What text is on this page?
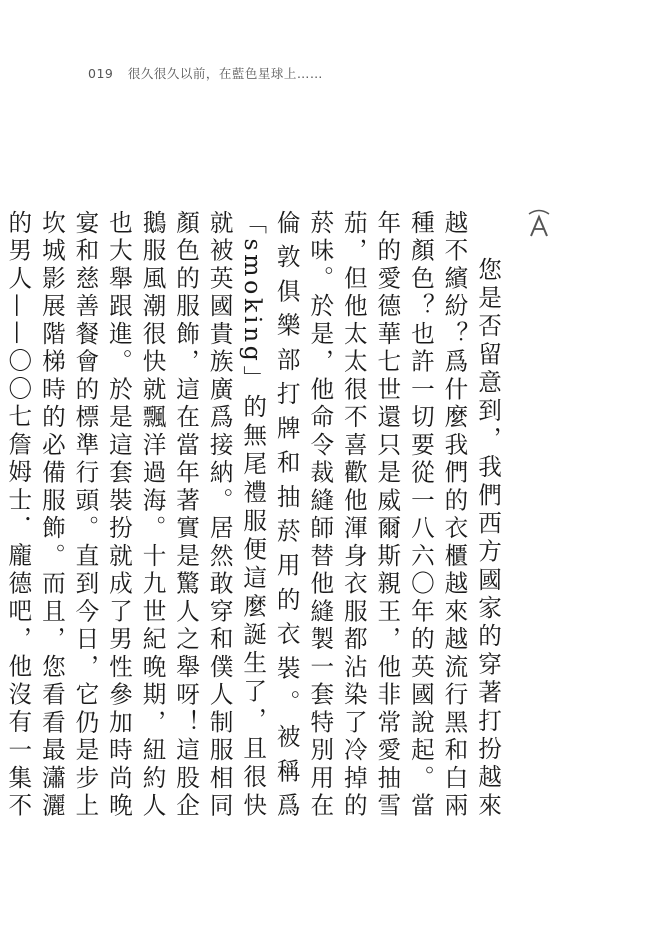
019 很久很久以前，在藍色星球上……

您是否留意到，我們西方國家的穿著打扮越來越不繽紛？爲什麼我們的衣櫃越來越流行黑和白兩種顏色？也許一切要從一八六〇年的英國說起。當年的愛德華七世還只是威爾斯親王，他非常愛抽雪茄，但他太太很不喜歡他渾身衣服都沾染了冷掉的菸味。於是，他命令裁縫師替他縫製一套特別用在倫敦俱樂部打牌和抽菸用的衣裝。被稱爲「smoking」的無尾禮服便這麼誕生了，且很快就被英國貴族廣爲接納。居然敢穿和僕人制服相同顏色的服飾，這在當年著實是驚人之舉呀！這股企鵝服風潮很快就飄洋過海。十九世紀晚期，紐約人也大舉跟進。於是這套裝扮就成了男性參加時尚晚宴和慈善餐會的標準行頭。直到今日，它仍是步上坎城影展階梯時的必備服飾。而且，您看看最瀟灑的男人——〇〇七詹姆士．龐德吧，他沒有一集不
